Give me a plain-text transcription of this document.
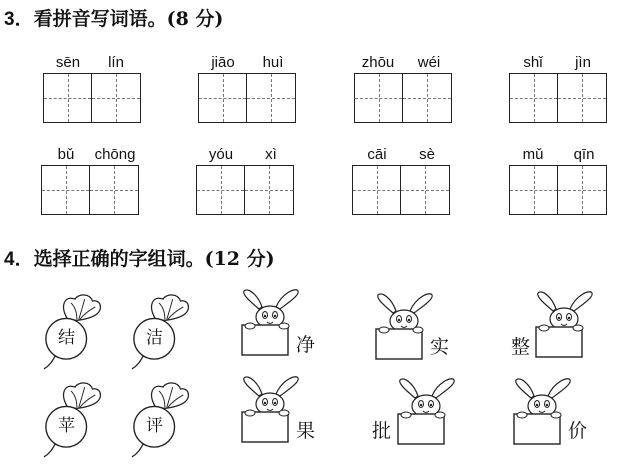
3．看拼音写词语。(8 分)
sēn lín	jiāo huì	zhōu wéi	shǐ jìn
bǔ chōng	yóu xì	cāi sè	mǔ qīn
4．选择正确的字组词。(12 分)
结	洁
苹	评
净	实	整
果	批	价
